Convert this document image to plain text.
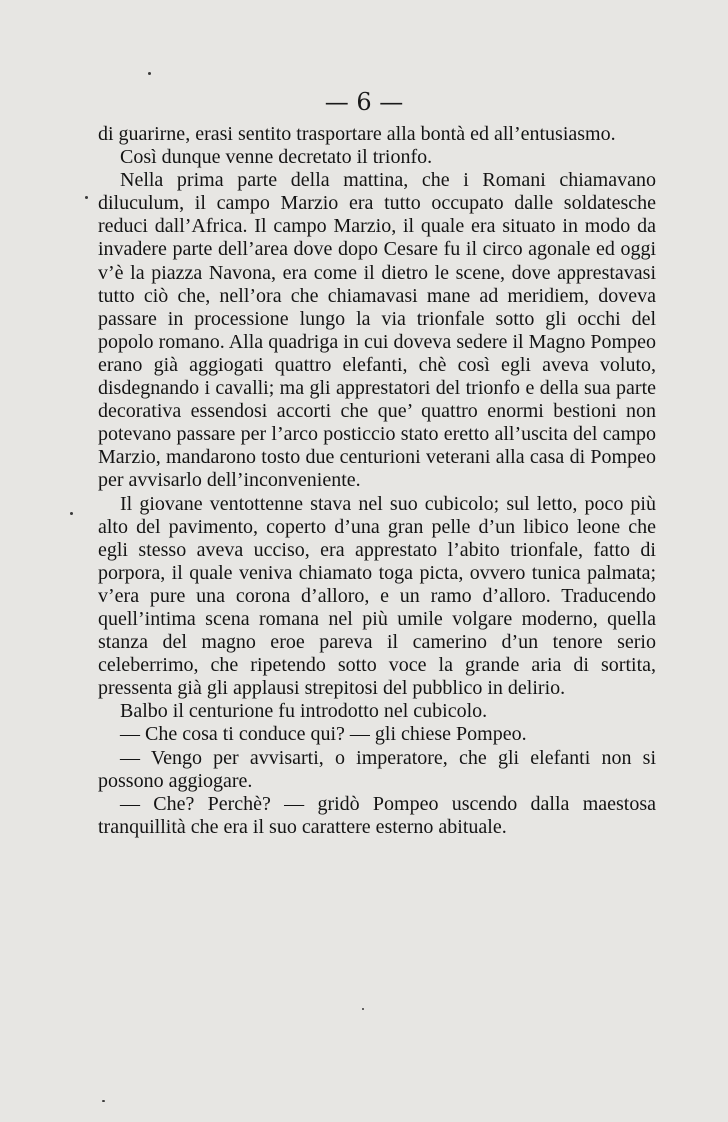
— 6 —

di guarirne, erasi sentito trasportare alla bontà ed all’entusiasmo.

Così dunque venne decretato il trionfo.

Nella prima parte della mattina, che i Romani chiamavano diluculum, il campo Marzio era tutto occupato dalle soldatesche reduci dall’Africa. Il campo Marzio, il quale era situato in modo da invadere parte dell’area dove dopo Cesare fu il circo agonale ed oggi v’è la piazza Navona, era come il dietro le scene, dove apprestavasi tutto ciò che, nell’ora che chiamavasi mane ad meridiem, doveva passare in processione lungo la via trionfale sotto gli occhi del popolo romano. Alla quadriga in cui doveva sedere il Magno Pompeo erano già aggiogati quattro elefanti, chè così egli aveva voluto, disdegnando i cavalli; ma gli apprestatori del trionfo e della sua parte decorativa essendosi accorti che que’ quattro enormi bestioni non potevano passare per l’arco posticcio stato eretto all’uscita del campo Marzio, mandarono tosto due centurioni veterani alla casa di Pompeo per avvisarlo dell’inconveniente.

Il giovane ventottenne stava nel suo cubicolo; sul letto, poco più alto del pavimento, coperto d’una gran pelle d’un libico leone che egli stesso aveva ucciso, era apprestato l’abito trionfale, fatto di porpora, il quale veniva chiamato toga picta, ovvero tunica palmata; v’era pure una corona d’alloro, e un ramo d’alloro. Traducendo quell’intima scena romana nel più umile volgare moderno, quella stanza del magno eroe pareva il camerino d’un tenore serio celeberrimo, che ripetendo sotto voce la grande aria di sortita, pressentа già gli applausi strepitosi del pubblico in delirio.

Balbo il centurione fu introdotto nel cubicolo.

— Che cosa ti conduce qui? — gli chiese Pompeo.

— Vengo per avvisarti, o imperatore, che gli elefanti non si possono aggiogare.

— Che? Perchè? — gridò Pompeo uscendo dalla maestosa tranquillità che era il suo carattere esterno abituale.
